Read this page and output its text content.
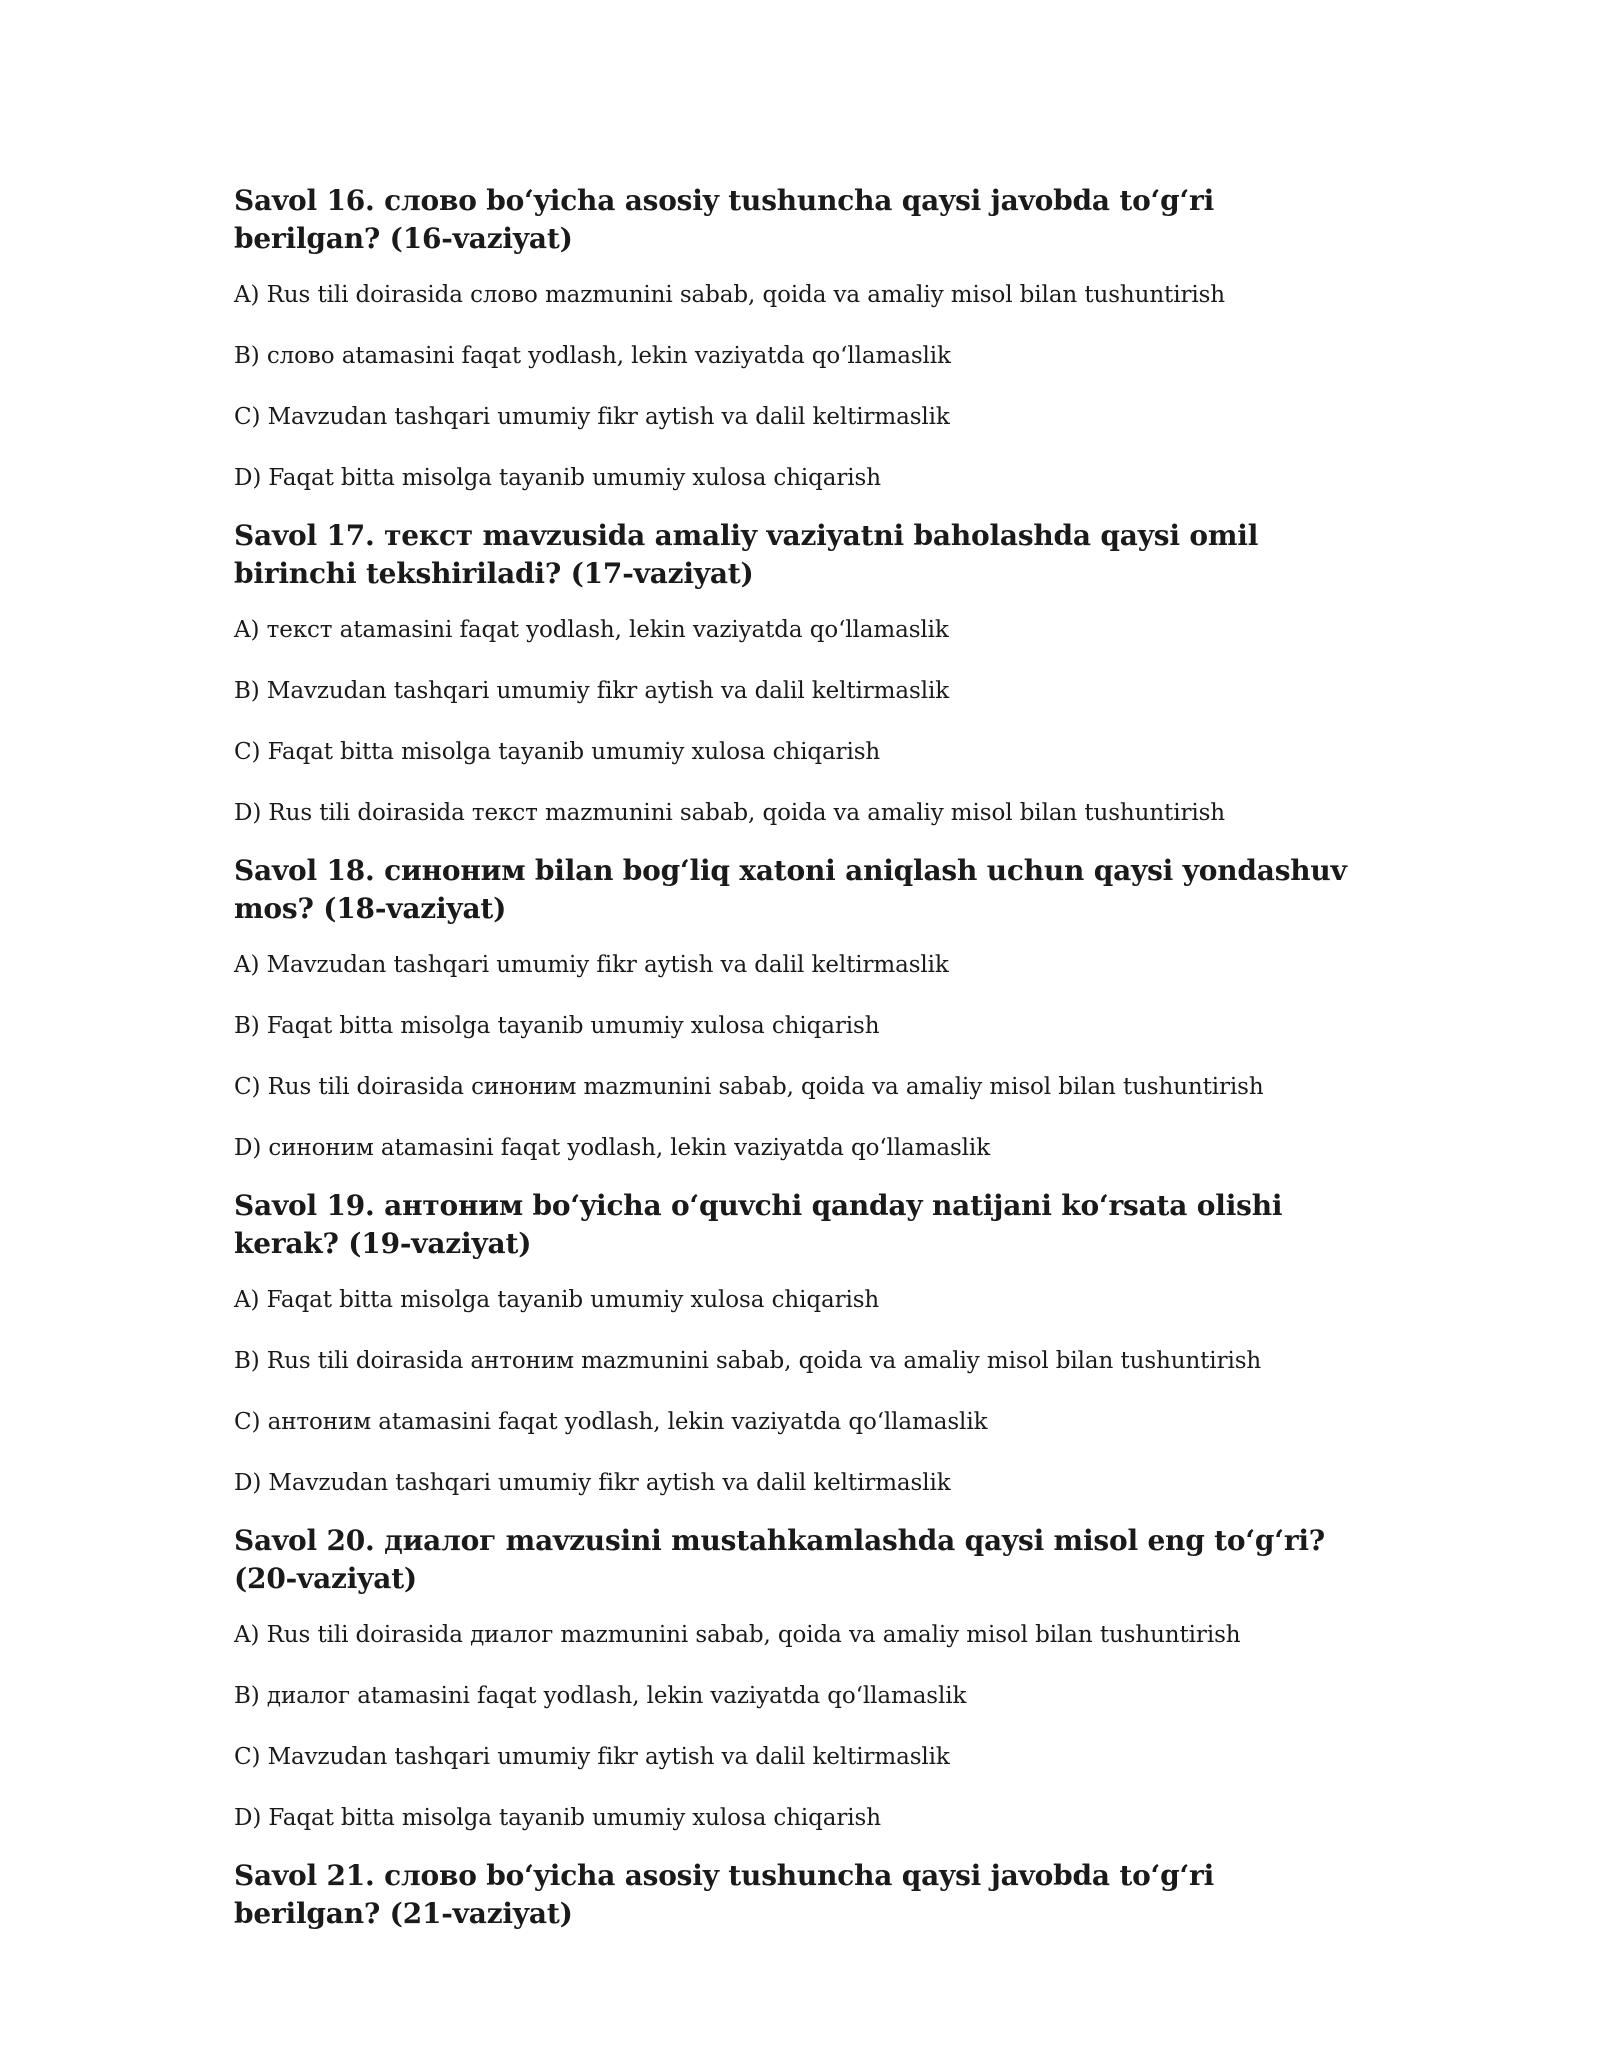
Savol 16. слово bo‘yicha asosiy tushuncha qaysi javobda to‘g‘ri berilgan? (16-vaziyat)

A) Rus tili doirasida слово mazmunini sabab, qoida va amaliy misol bilan tushuntirish

B) слово atamasini faqat yodlash, lekin vaziyatda qo‘llamaslik

C) Mavzudan tashqari umumiy fikr aytish va dalil keltirmaslik

D) Faqat bitta misolga tayanib umumiy xulosa chiqarish

Savol 17. текст mavzusida amaliy vaziyatni baholashda qaysi omil birinchi tekshiriladi? (17-vaziyat)

A) текст atamasini faqat yodlash, lekin vaziyatda qo‘llamaslik

B) Mavzudan tashqari umumiy fikr aytish va dalil keltirmaslik

C) Faqat bitta misolga tayanib umumiy xulosa chiqarish

D) Rus tili doirasida текст mazmunini sabab, qoida va amaliy misol bilan tushuntirish

Savol 18. синоним bilan bog‘liq xatoni aniqlash uchun qaysi yondashuv mos? (18-vaziyat)

A) Mavzudan tashqari umumiy fikr aytish va dalil keltirmaslik

B) Faqat bitta misolga tayanib umumiy xulosa chiqarish

C) Rus tili doirasida синоним mazmunini sabab, qoida va amaliy misol bilan tushuntirish

D) синоним atamasini faqat yodlash, lekin vaziyatda qo‘llamaslik

Savol 19. антоним bo‘yicha o‘quvchi qanday natijani ko‘rsata olishi kerak? (19-vaziyat)

A) Faqat bitta misolga tayanib umumiy xulosa chiqarish

B) Rus tili doirasida антоним mazmunini sabab, qoida va amaliy misol bilan tushuntirish

C) антоним atamasini faqat yodlash, lekin vaziyatda qo‘llamaslik

D) Mavzudan tashqari umumiy fikr aytish va dalil keltirmaslik

Savol 20. диалог mavzusini mustahkamlashda qaysi misol eng to‘g‘ri? (20-vaziyat)

A) Rus tili doirasida диалог mazmunini sabab, qoida va amaliy misol bilan tushuntirish

B) диалог atamasini faqat yodlash, lekin vaziyatda qo‘llamaslik

C) Mavzudan tashqari umumiy fikr aytish va dalil keltirmaslik

D) Faqat bitta misolga tayanib umumiy xulosa chiqarish

Savol 21. слово bo‘yicha asosiy tushuncha qaysi javobda to‘g‘ri berilgan? (21-vaziyat)
